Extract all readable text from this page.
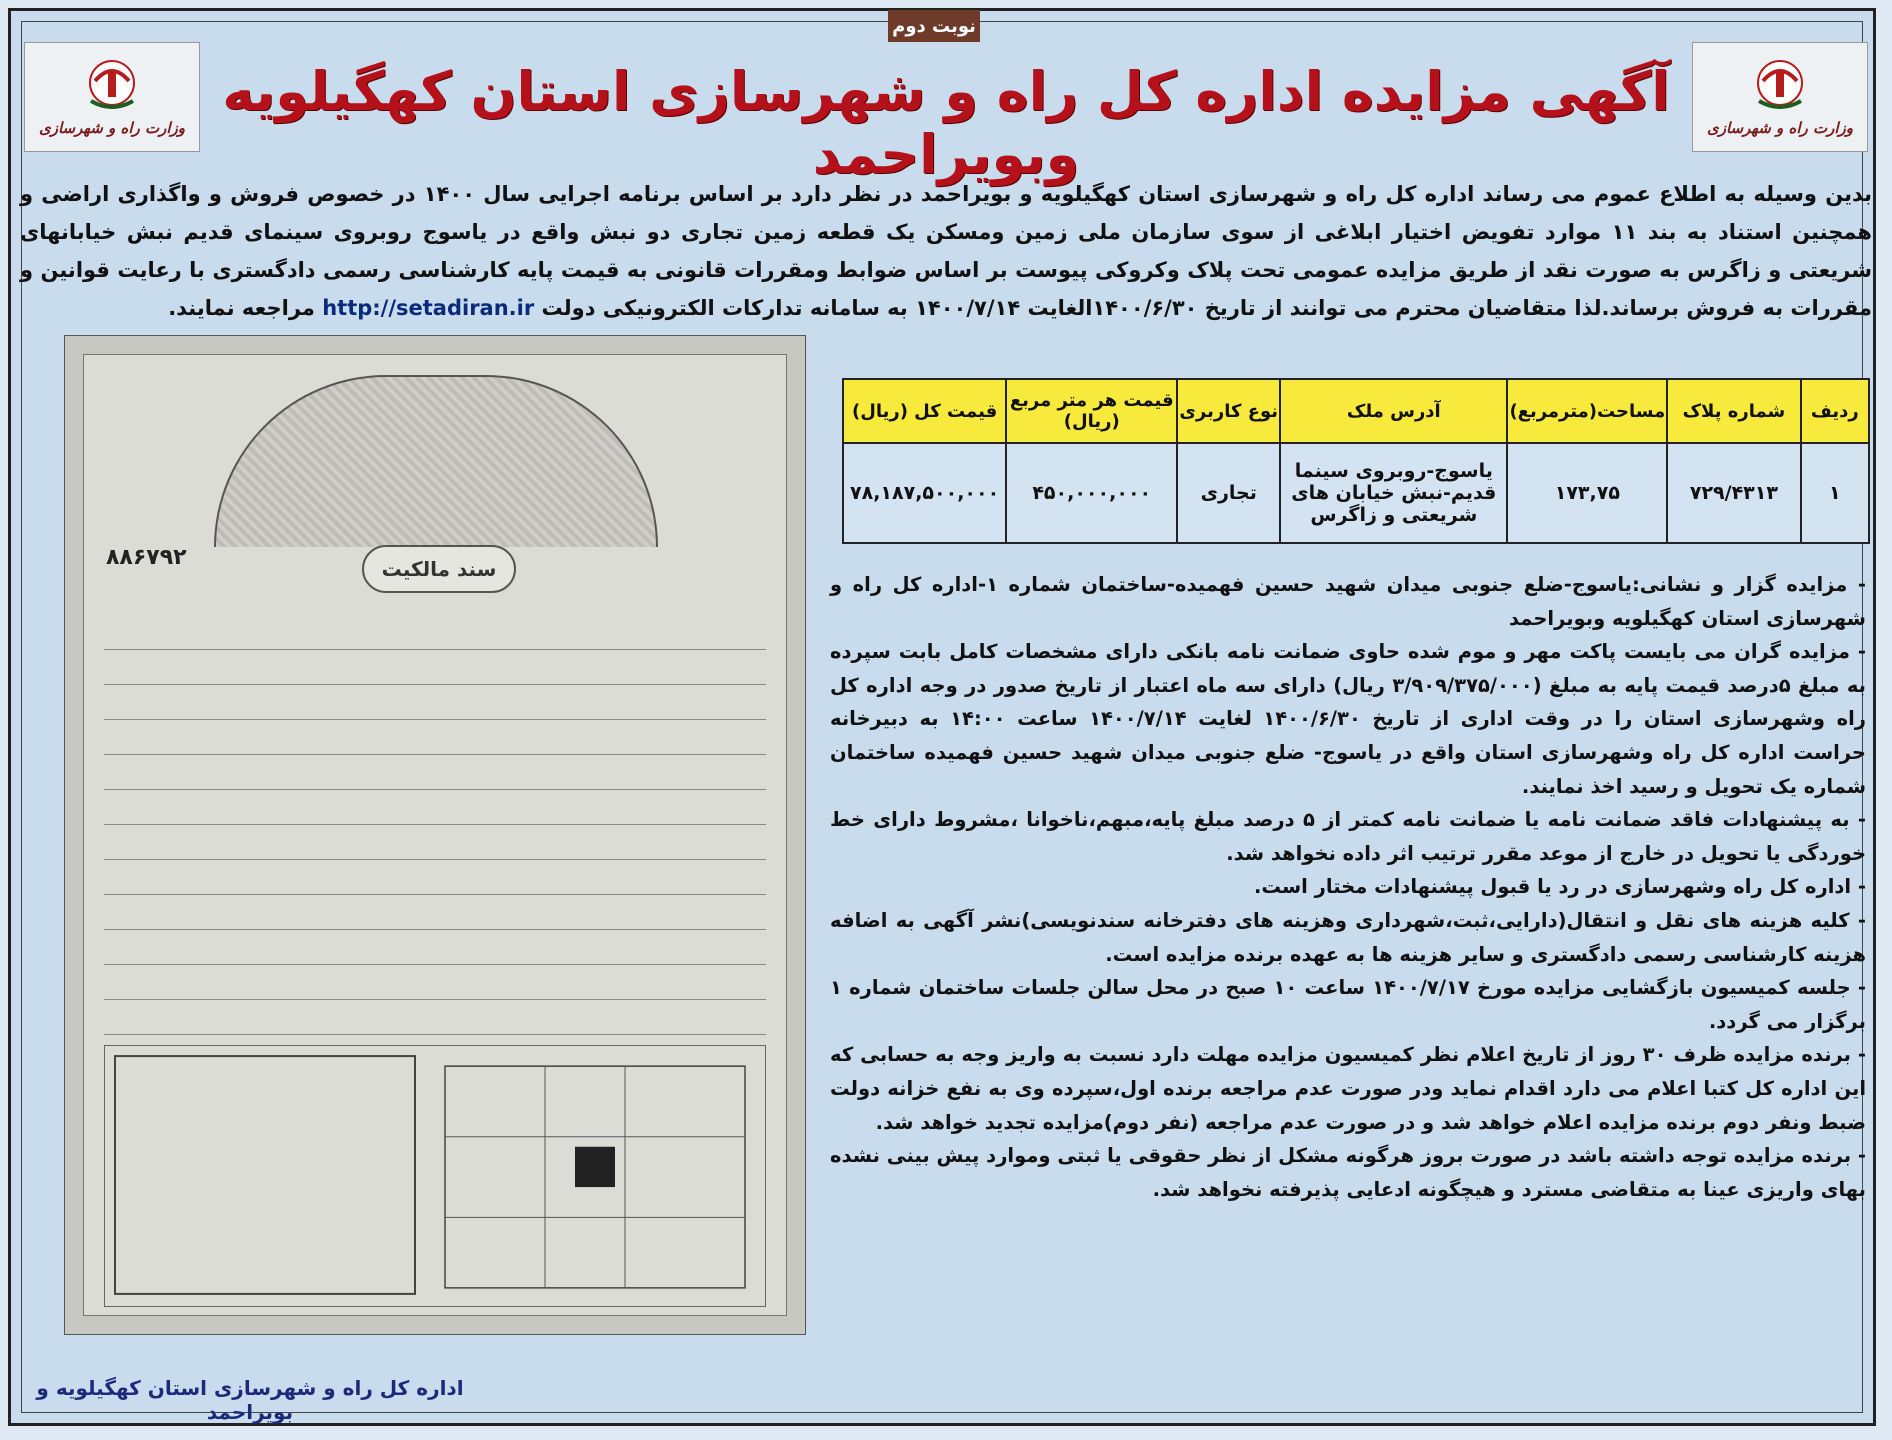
نوبت دوم
وزارت راه و شهرسازی
وزارت راه و شهرسازی
آگهی مزایده اداره کل راه و شهرسازی استان کهگیلویه وبویراحمد
بدین وسیله به اطلاع عموم می رساند اداره کل راه و شهرسازی استان کهگیلویه و بویراحمد در نظر دارد بر اساس برنامه اجرایی سال ۱۴۰۰ در خصوص فروش و واگذاری اراضی و همچنین استناد به بند ۱۱ موارد تفویض اختیار ابلاغی از سوی سازمان ملی زمین ومسکن یک قطعه زمین تجاری دو نبش واقع در یاسوج روبروی سینمای قدیم نبش خیابانهای شریعتی و زاگرس به صورت نقد از طریق مزایده عمومی تحت پلاک وکروکی پیوست بر اساس ضوابط ومقررات قانونی به قیمت پایه کارشناسی رسمی دادگستری با رعایت قوانین و مقررات به فروش برساند.لذا متقاضیان محترم می توانند از تاریخ ۱۴۰۰/۶/۳۰الغایت ۱۴۰۰/۷/۱۴ به سامانه تدارکات الکترونیکی دولت http://setadiran.ir مراجعه نمایند.
سند مالکیت
۸۸۶۷۹۲
ردیف	شماره پلاک	مساحت(مترمربع)	آدرس ملک	نوع کاربری	قیمت هر متر مربع (ریال)	قیمت کل (ریال)
۱	۷۲۹/۴۳۱۳	۱۷۳,۷۵	یاسوج-روبروی سینما قدیم-نبش خیابان های شریعتی و زاگرس	تجاری	۴۵۰,۰۰۰,۰۰۰	۷۸,۱۸۷,۵۰۰,۰۰۰

- مزایده گزار و نشانی:یاسوج-ضلع جنوبی میدان شهید حسین فهمیده-ساختمان شماره ۱-اداره کل راه و شهرسازی استان کهگیلویه وبویراحمد

- مزایده گران می بایست پاکت مهر و موم شده حاوی ضمانت نامه بانکی دارای مشخصات کامل بابت سپرده به مبلغ ۵درصد قیمت پایه به مبلغ (۳/۹۰۹/۳۷۵/۰۰۰ ریال) دارای سه ماه اعتبار از تاریخ صدور در وجه اداره کل راه وشهرسازی استان را در وقت اداری از تاریخ ۱۴۰۰/۶/۳۰ لغایت ۱۴۰۰/۷/۱۴ ساعت ۱۴:۰۰ به دبیرخانه حراست اداره کل راه وشهرسازی استان واقع در یاسوج- ضلع جنوبی میدان شهید حسین فهمیده ساختمان شماره یک تحویل و رسید اخذ نمایند.

- به پیشنهادات فاقد ضمانت نامه یا ضمانت نامه کمتر از ۵ درصد مبلغ پایه،مبهم،ناخوانا ،مشروط دارای خط خوردگی یا تحویل در خارج از موعد مقرر ترتیب اثر داده نخواهد شد.

- اداره کل راه وشهرسازی در رد یا قبول پیشنهادات مختار است.

- کلیه هزینه های نقل و انتقال(دارایی،ثبت،شهرداری وهزینه های دفترخانه سندنویسی)نشر آگهی به اضافه هزینه کارشناسی رسمی دادگستری و سایر هزینه ها به عهده برنده مزایده است.

- جلسه کمیسیون بازگشایی مزایده مورخ ۱۴۰۰/۷/۱۷ ساعت ۱۰ صبح در محل سالن جلسات ساختمان شماره ۱ برگزار می گردد.

- برنده مزایده ظرف ۳۰ روز از تاریخ اعلام نظر کمیسیون مزایده مهلت دارد نسبت به واریز وجه به حسابی که این اداره کل کتبا اعلام می دارد اقدام نماید ودر صورت عدم مراجعه برنده اول،سپرده وی به نفع خزانه دولت ضبط ونفر دوم برنده مزایده اعلام خواهد شد و در صورت عدم مراجعه (نفر دوم)مزایده تجدید خواهد شد.

- برنده مزایده توجه داشته باشد در صورت بروز هرگونه مشکل از نظر حقوقی یا ثبتی وموارد پیش بینی نشده بهای واریزی عینا به متقاضی مسترد و هیچگونه ادعایی پذیرفته نخواهد شد.

اداره کل راه و شهرسازی استان کهگیلویه و بویراحمد
